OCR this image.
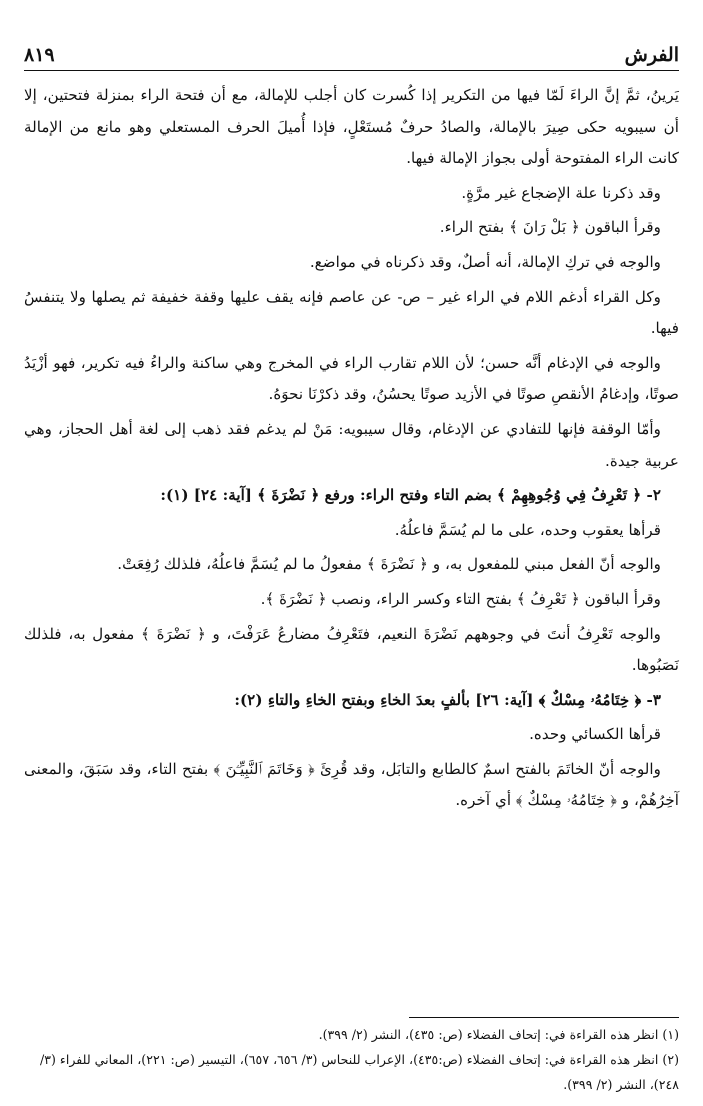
الفرش
٨١٩

يَرينُ، ثمَّ إنَّ الراءَ لَمّا فيها من التكرير إذا كُسرت كان أجلب للإمالة، مع أن فتحة الراء بمنزلة فتحتين، إلا أن سيبويه حكى صِيرَ بالإمالة، والصادُ حرفٌ مُستَعْلٍ، فإذا أُميلَ الحرف المستعلي وهو مانع من الإمالة كانت الراء المفتوحة أولى بجواز الإمالة فيها.

وقد ذكرنا علة الإضجاع غير مرَّةٍ.

وقرأ الباقون ﴿ بَلْ رَانَ ﴾ بفتح الراء.

والوجه في تركِ الإمالة، أنه أصلٌ، وقد ذكرناه في مواضع.

وكل القراء أدغم اللام في الراء غير – ص- عن عاصم فإنه يقف عليها وقفة خفيفة ثم يصلها ولا يتنفسُ فيها.

والوجه في الإدغام أنَّه حسن؛ لأن اللام تقارب الراء في المخرج وهي ساكنة والراءُ فيه تكرير، فهو أزْيَدُ صوتًا، وإدغامُ الأنقصِ صوتًا في الأزيد صوتًا يحسُنُ، وقد ذكرْنَا نحوَهُ.

وأمّا الوقفة فإنها للتفادي عن الإدغام، وقال سيبويه: مَنْ لم يدغم فقد ذهب إلى لغة أهل الحجاز، وهي عربية جيدة.

٢- ﴿ تَعْرِفُ فِي وُجُوهِهِمْ ﴾ بضم التاء وفتح الراء: ورفع ﴿ نَضْرَةَ ﴾ [آية: ٢٤] (١):

قرأها يعقوب وحده، على ما لم يُسَمَّ فاعلُهُ.

والوجه أنّ الفعل مبني للمفعول به، و ﴿ نَضْرَةَ ﴾ مفعولُ ما لم يُسَمَّ فاعلُهُ، فلذلك رُفِعَتْ.

وقرأ الباقون ﴿ تَعْرِفُ ﴾ بفتح التاء وكسر الراء، ونصب ﴿ نَضْرَةَ ﴾.

والوجه تَعْرِفُ أنتَ في وجوههم نَضْرَةَ النعيم، فتَعْرِفُ مضارعُ عَرَفْتَ، و ﴿ نَضْرَةَ ﴾ مفعول به، فلذلك نَصَبُوها.

٣- ﴿ خِتَامُهُۥ مِسْكٌ ﴾ [آية: ٢٦] بألفٍ بعدَ الخاءِ وبفتح الخاءِ والتاءِ (٢):

قرأها الكسائي وحده.

والوجه أنّ الخاتَمَ بالفتح اسمٌ كالطابع والتابَل، وقد قُرِئَ ﴿ وَخَاتَمَ ٱلنَّبِيِّـۧنَ ﴾ بفتح التاء، وقد سَبَقَ، والمعنى آخِرُهُمْ، و ﴿ خِتَامُهُۥ مِسْكٌ ﴾ أي آخره.

(١) انظر هذه القراءة في: إتحاف الفضلاء (ص: ٤٣٥)، النشر (٢/ ٣٩٩).

(٢) انظر هذه القراءة في: إتحاف الفضلاء (ص:٤٣٥)، الإعراب للنحاس (٣/ ٦٥٦، ٦٥٧)، التيسير (ص: ٢٢١)، المعاني للفراء (٣/ ٢٤٨)، النشر (٢/ ٣٩٩).
